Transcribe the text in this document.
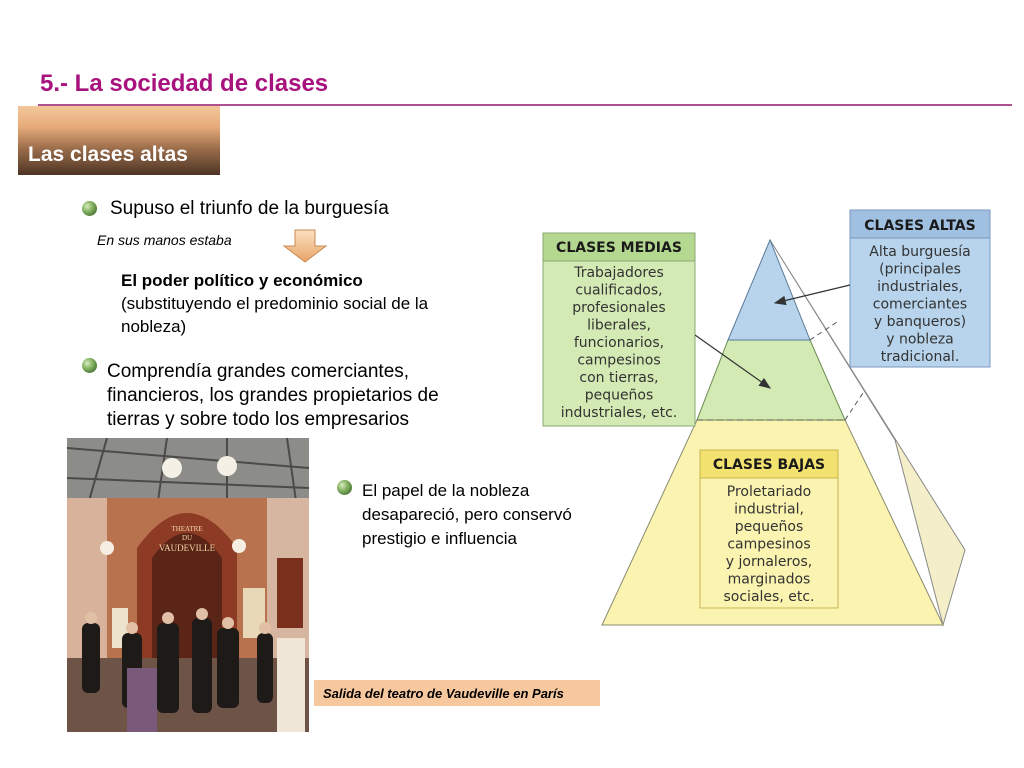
5.- La sociedad de clases
Las clases altas
Supuso el triunfo de la burguesía
En sus manos estaba
El poder político y económico
(substituyendo el predominio social de la nobleza)
Comprendía grandes comerciantes,
financieros, los grandes propietarios de
tierras y sobre todo los empresarios
THEATRE
DU
VAUDEVILLE
Salida del teatro de Vaudeville en París
El papel de la nobleza
desapareció, pero conservó
prestigio e influencia
CLASES ALTAS
Alta burguesía
(principales
industriales,
comerciantes
y banqueros)
y nobleza
tradicional.
CLASES MEDIAS
Trabajadores
cualificados,
profesionales
liberales,
funcionarios,
campesinos
con tierras,
pequeños
industriales, etc.
CLASES BAJAS
Proletariado
industrial,
pequeños
campesinos
y jornaleros,
marginados
sociales, etc.
